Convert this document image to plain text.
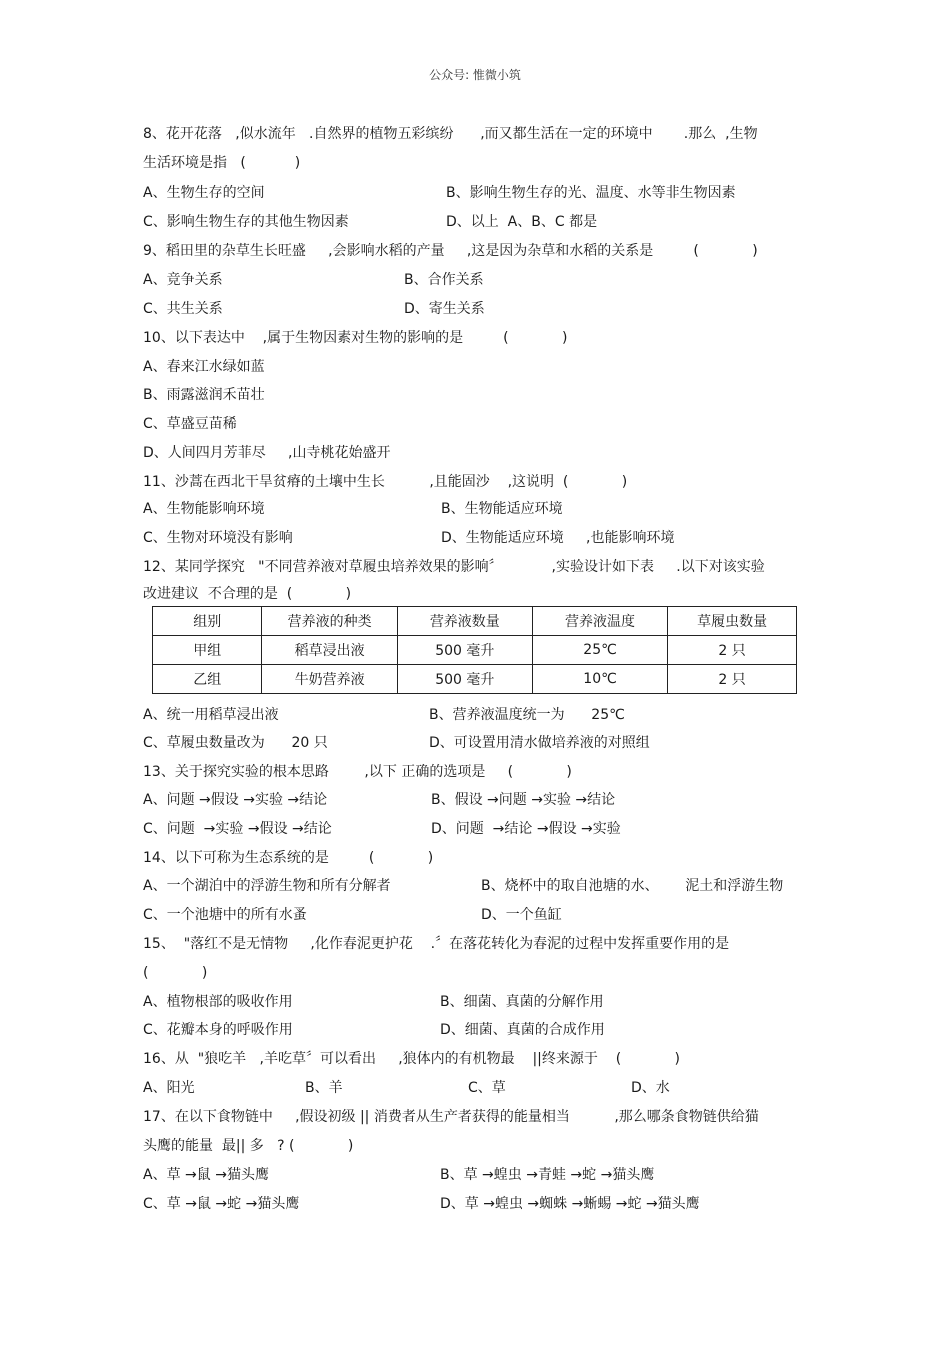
公众号: 惟微小筑
8、花开花落   ,似水流年   .自然界的植物五彩缤纷      ,而又都生活在一定的环境中       .那么  ,生物
生活环境是指   (           )
A、生物生存的空间	B、影响生物生存的光、温度、水等非生物因素
C、影响生物生存的其他生物因素	D、以上  A、B、C 都是
9、稻田里的杂草生长旺盛     ,会影响水稻的产量     ,这是因为杂草和水稻的关系是         (            )
A、竞争关系	B、合作关系
C、共生关系	D、寄生关系
10、以下表达中    ,属于生物因素对生物的影响的是         (            )
A、春来江水绿如蓝
B、雨露滋润禾苗壮
C、草盛豆苗稀
D、人间四月芳菲尽     ,山寺桃花始盛开
11、沙蒿在西北干旱贫瘠的土壤中生长          ,且能固沙    ,这说明  (            )
A、生物能影响环境	B、生物能适应环境
C、生物对环境没有影响	D、生物能适应环境     ,也能影响环境
12、某同学探究   "不同营养液对草履虫培养效果的影响〞           ,实验设计如下表     .以下对该实验
改进建议  不合理的是  (            )
组别	营养液的种类	营养液数量	营养液温度	草履虫数量
甲组	稻草浸出液	500 毫升	25℃	2 只
乙组	牛奶营养液	500 毫升	10℃	2 只
A、统一用稻草浸出液	B、营养液温度统一为      25℃
C、草履虫数量改为      20 只	D、可设置用清水做培养液的对照组
13、关于探究实验的根本思路        ,以下 正确的选项是     (            )
A、问题 →假设 →实验 →结论	B、假设 →问题 →实验 →结论
C、问题  →实验 →假设 →结论	D、问题  →结论 →假设 →实验
14、以下可称为生态系统的是         (            )
A、一个湖泊中的浮游生物和所有分解者	B、烧杯中的取自池塘的水、      泥土和浮游生物
C、一个池塘中的所有水蚤	D、一个鱼缸
15、  "落红不是无情物     ,化作春泥更护花    .〞在落花转化为春泥的过程中发挥重要作用的是
(            )
A、植物根部的吸收作用	B、细菌、真菌的分解作用
C、花瓣本身的呼吸作用	D、细菌、真菌的合成作用
16、从  "狼吃羊   ,羊吃草〞可以看出     ,狼体内的有机物最    ||终来源于    (            )
A、阳光	B、羊	C、草	D、水
17、在以下食物链中     ,假设初级 || 消费者从生产者获得的能量相当          ,那么哪条食物链供给猫
头鹰的能量  最|| 多   ? (            )
A、草 →鼠 →猫头鹰	B、草 →蝗虫 →青蛙 →蛇 →猫头鹰
C、草 →鼠 →蛇 →猫头鹰	D、草 →蝗虫 →蜘蛛 →蜥蜴 →蛇 →猫头鹰
